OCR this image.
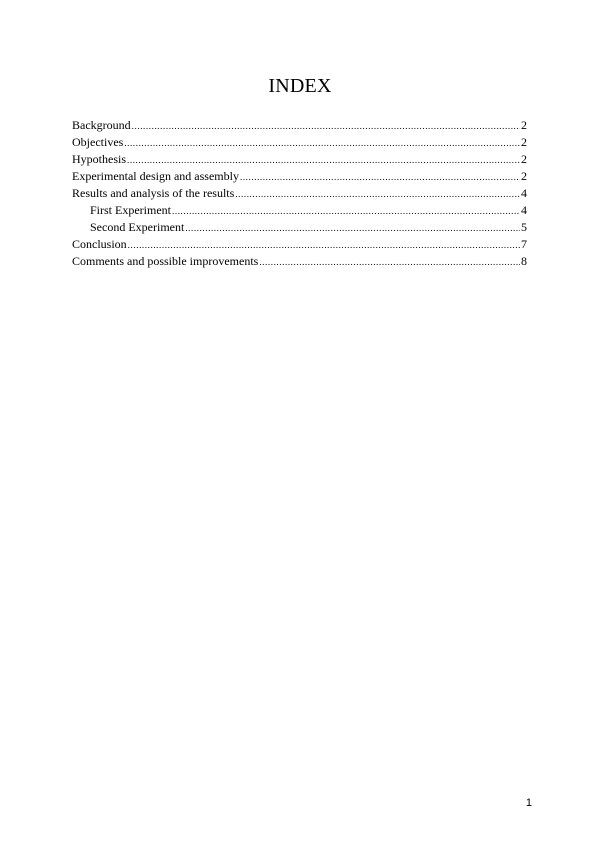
INDEX
Background .....	2
Objectives .....	2
Hypothesis .....	2
Experimental design and assembly .....	2
Results and analysis of the results .....	4
First Experiment .....	4
Second Experiment .....	5
Conclusion .....	7
Comments and possible improvements .....	8
1
